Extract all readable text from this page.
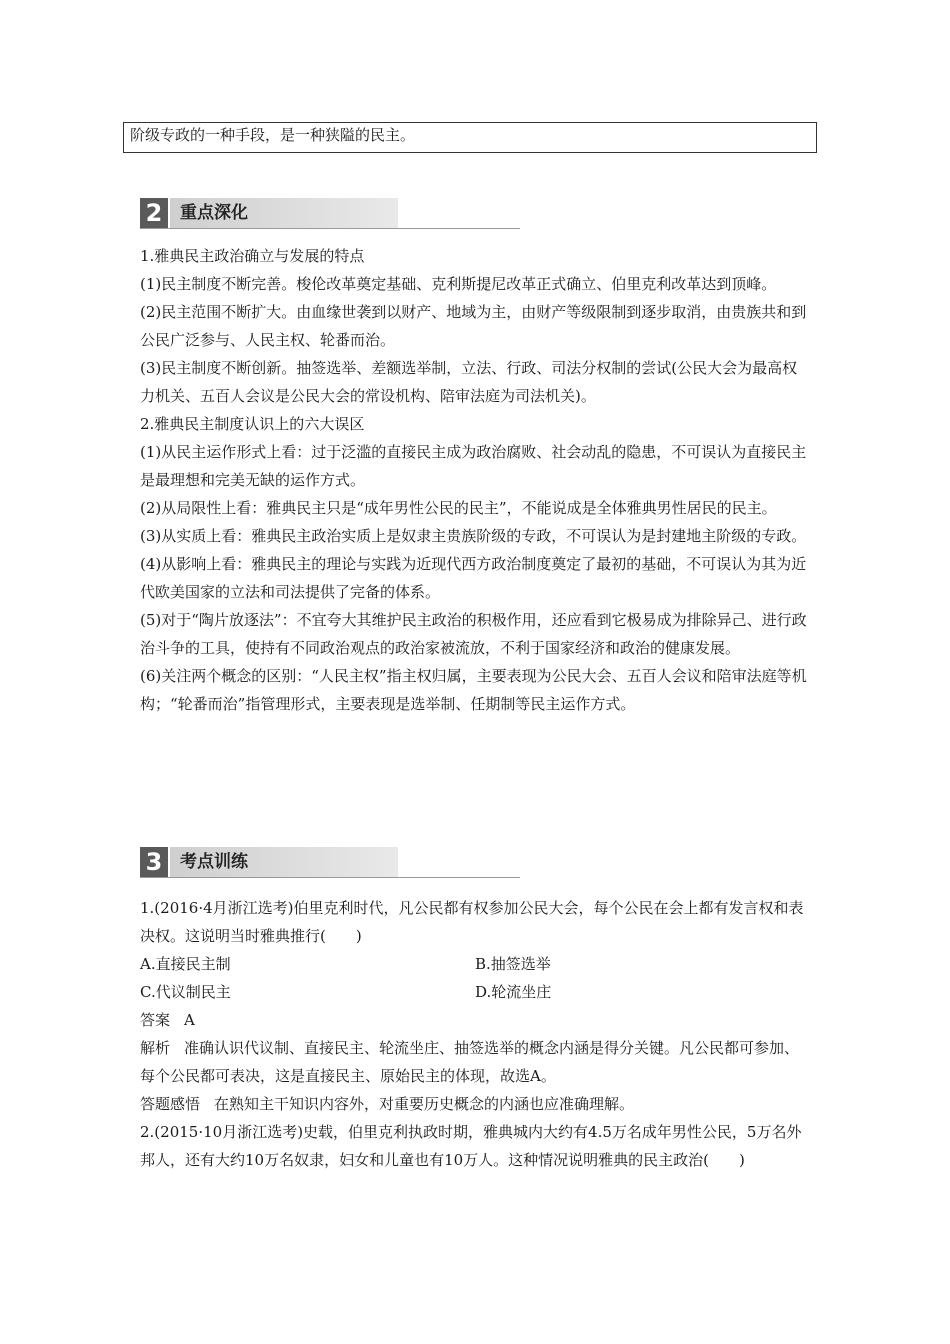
阶级专政的一种手段，是一种狭隘的民主。
2	重点深化

1.雅典民主政治确立与发展的特点

(1)民主制度不断完善。梭伦改革奠定基础、克利斯提尼改革正式确立、伯里克利改革达到顶峰。

(2)民主范围不断扩大。由血缘世袭到以财产、地域为主，由财产等级限制到逐步取消，由贵族共和到公民广泛参与、人民主权、轮番而治。

(3)民主制度不断创新。抽签选举、差额选举制，立法、行政、司法分权制的尝试(公民大会为最高权力机关、五百人会议是公民大会的常设机构、陪审法庭为司法机关)。

2.雅典民主制度认识上的六大误区

(1)从民主运作形式上看：过于泛滥的直接民主成为政治腐败、社会动乱的隐患，不可误认为直接民主是最理想和完美无缺的运作方式。

(2)从局限性上看：雅典民主只是“成年男性公民的民主”，不能说成是全体雅典男性居民的民主。

(3)从实质上看：雅典民主政治实质上是奴隶主贵族阶级的专政，不可误认为是封建地主阶级的专政。

(4)从影响上看：雅典民主的理论与实践为近现代西方政治制度奠定了最初的基础，不可误认为其为近代欧美国家的立法和司法提供了完备的体系。

(5)对于“陶片放逐法”：不宜夸大其维护民主政治的积极作用，还应看到它极易成为排除异己、进行政治斗争的工具，使持有不同政治观点的政治家被流放，不利于国家经济和政治的健康发展。

(6)关注两个概念的区别：“人民主权”指主权归属，主要表现为公民大会、五百人会议和陪审法庭等机构；“轮番而治”指管理形式，主要表现是选举制、任期制等民主运作方式。

3	考点训练

1.(2016·4月浙江选考)伯里克利时代，凡公民都有权参加公民大会，每个公民在会上都有发言权和表决权。这说明当时雅典推行(　　)

A.直接民主制	B.抽签选举
C.代议制民主	D.轮流坐庄

答案 A

解析 准确认识代议制、直接民主、轮流坐庄、抽签选举的概念内涵是得分关键。凡公民都可参加、每个公民都可表决，这是直接民主、原始民主的体现，故选A。

答题感悟 在熟知主干知识内容外，对重要历史概念的内涵也应准确理解。

2.(2015·10月浙江选考)史载，伯里克利执政时期，雅典城内大约有4.5万名成年男性公民，5万名外邦人，还有大约10万名奴隶，妇女和儿童也有10万人。这种情况说明雅典的民主政治(　　)
